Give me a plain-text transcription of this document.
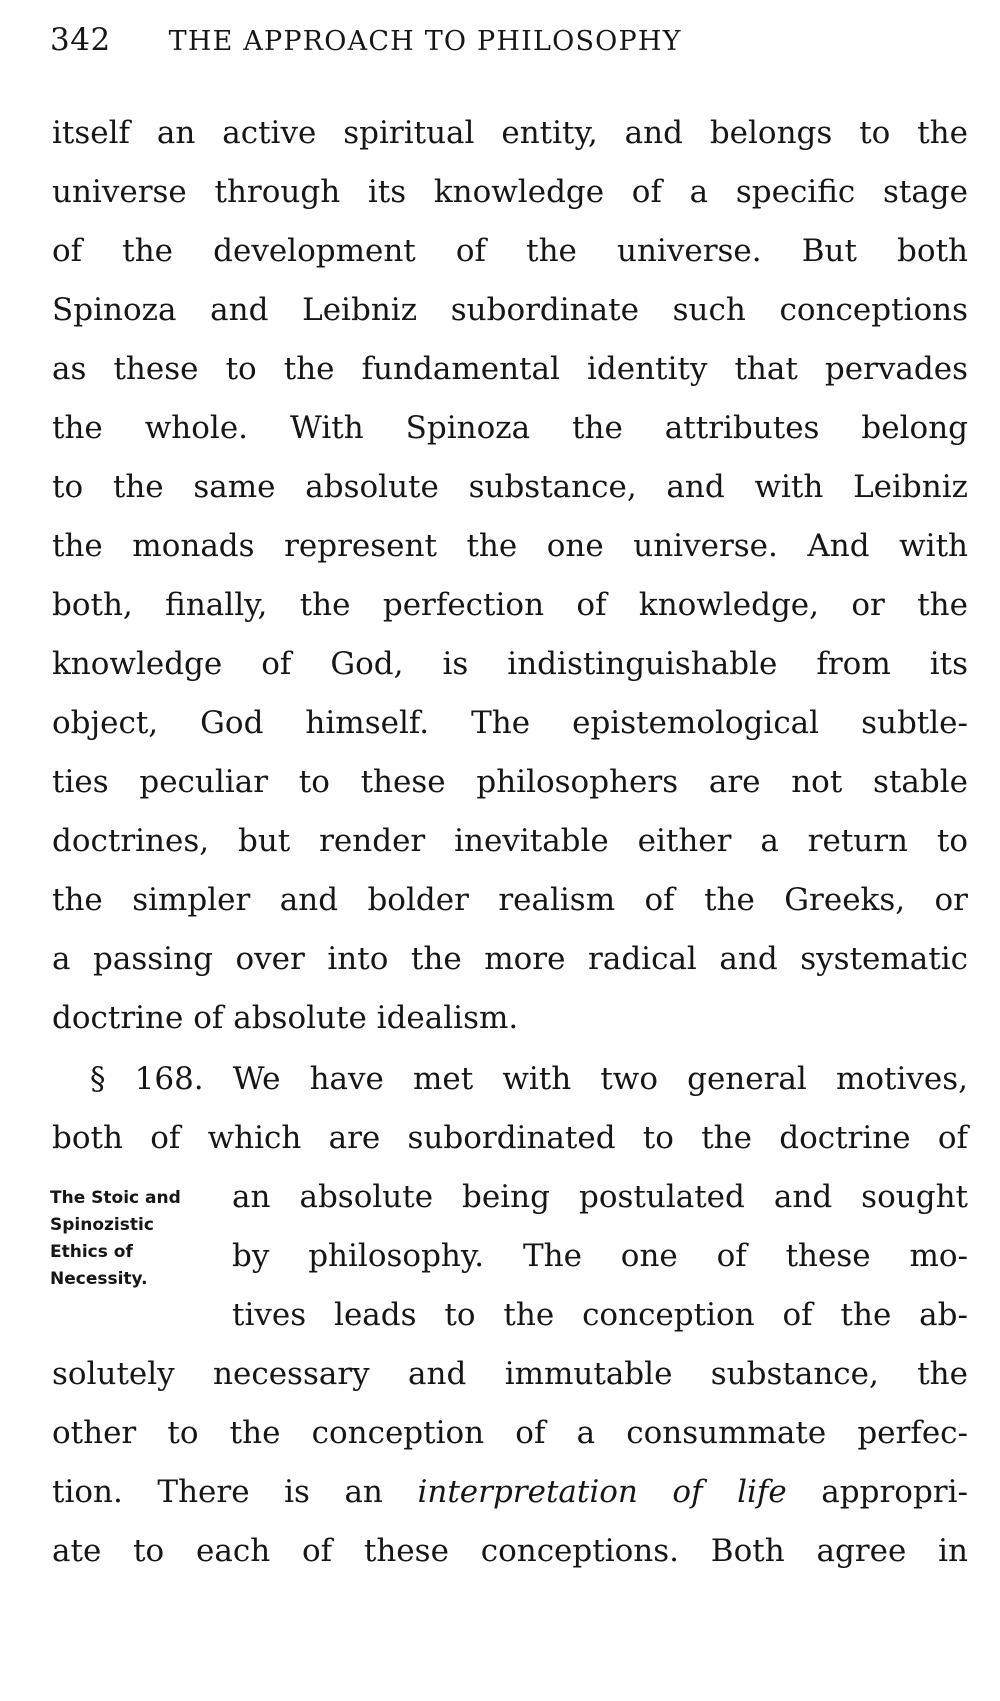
342 THE APPROACH TO PHILOSOPHY
itself an active spiritual entity, and belongs to the
universe through its knowledge of a specific stage
of the development of the universe. But both
Spinoza and Leibniz subordinate such conceptions
as these to the fundamental identity that pervades
the whole. With Spinoza the attributes belong
to the same absolute substance, and with Leibniz
the monads represent the one universe. And with
both, finally, the perfection of knowledge, or the
knowledge of God, is indistinguishable from its
object, God himself. The epistemological subtle-
ties peculiar to these philosophers are not stable
doctrines, but render inevitable either a return to
the simpler and bolder realism of the Greeks, or
a passing over into the more radical and systematic
doctrine of absolute idealism.
The Stoic and
Spinozistic
Ethics of
Necessity.
§ 168. We have met with two general motives,
both of which are subordinated to the doctrine of
an absolute being postulated and sought
by philosophy. The one of these mo-
tives leads to the conception of the ab-
solutely necessary and immutable substance, the
other to the conception of a consummate perfec-
tion. There is an interpretation of life appropri-
ate to each of these conceptions. Both agree in
